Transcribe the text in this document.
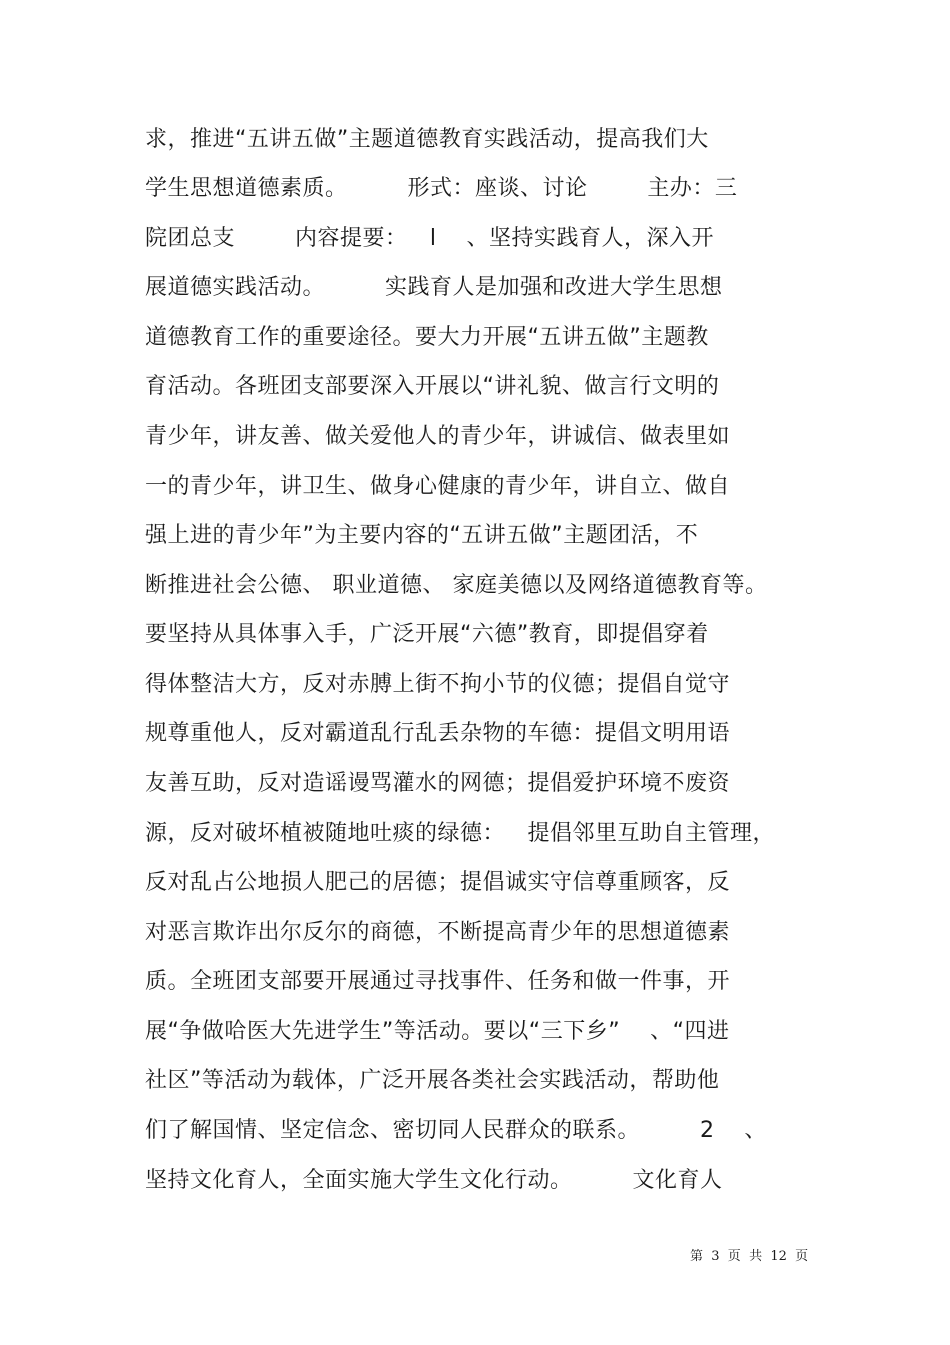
求，推进“五讲五做”主题道德教育实践活动，提高我们大

学生思想道德素质。        形式：座谈、讨论        主办：三

院团总支        内容提要：   l    、坚持实践育人，深入开

展道德实践活动。        实践育人是加强和改进大学生思想

道德教育工作的重要途径。要大力开展“五讲五做”主题教

育活动。各班团支部要深入开展以“讲礼貌、做言行文明的

青少年，讲友善、做关爱他人的青少年，讲诚信、做表里如

一的青少年，讲卫生、做身心健康的青少年，讲自立、做自

强上进的青少年”为主要内容的“五讲五做”主题团活，不

断推进社会公德、 职业道德、 家庭美德以及网络道德教育等。

要坚持从具体事入手，广泛开展“六德”教育，即提倡穿着

得体整洁大方，反对赤膊上街不拘小节的仪德；提倡自觉守

规尊重他人，反对霸道乱行乱丢杂物的车德：提倡文明用语

友善互助，反对造谣谩骂灌水的网德；提倡爱护环境不废资

源，反对破坏植被随地吐痰的绿德：   提倡邻里互助自主管理，

反对乱占公地损人肥己的居德；提倡诚实守信尊重顾客，反

对恶言欺诈出尔反尔的商德，不断提高青少年的思想道德素

质。全班团支部要开展通过寻找事件、任务和做一件事，开

展“争做哈医大先进学生”等活动。要以“三下乡”    、“四进

社区”等活动为载体，广泛开展各类社会实践活动，帮助他

们了解国情、坚定信念、密切同人民群众的联系。        2    、

坚持文化育人，全面实施大学生文化行动。        文化育人

第  3  页  共  12  页
